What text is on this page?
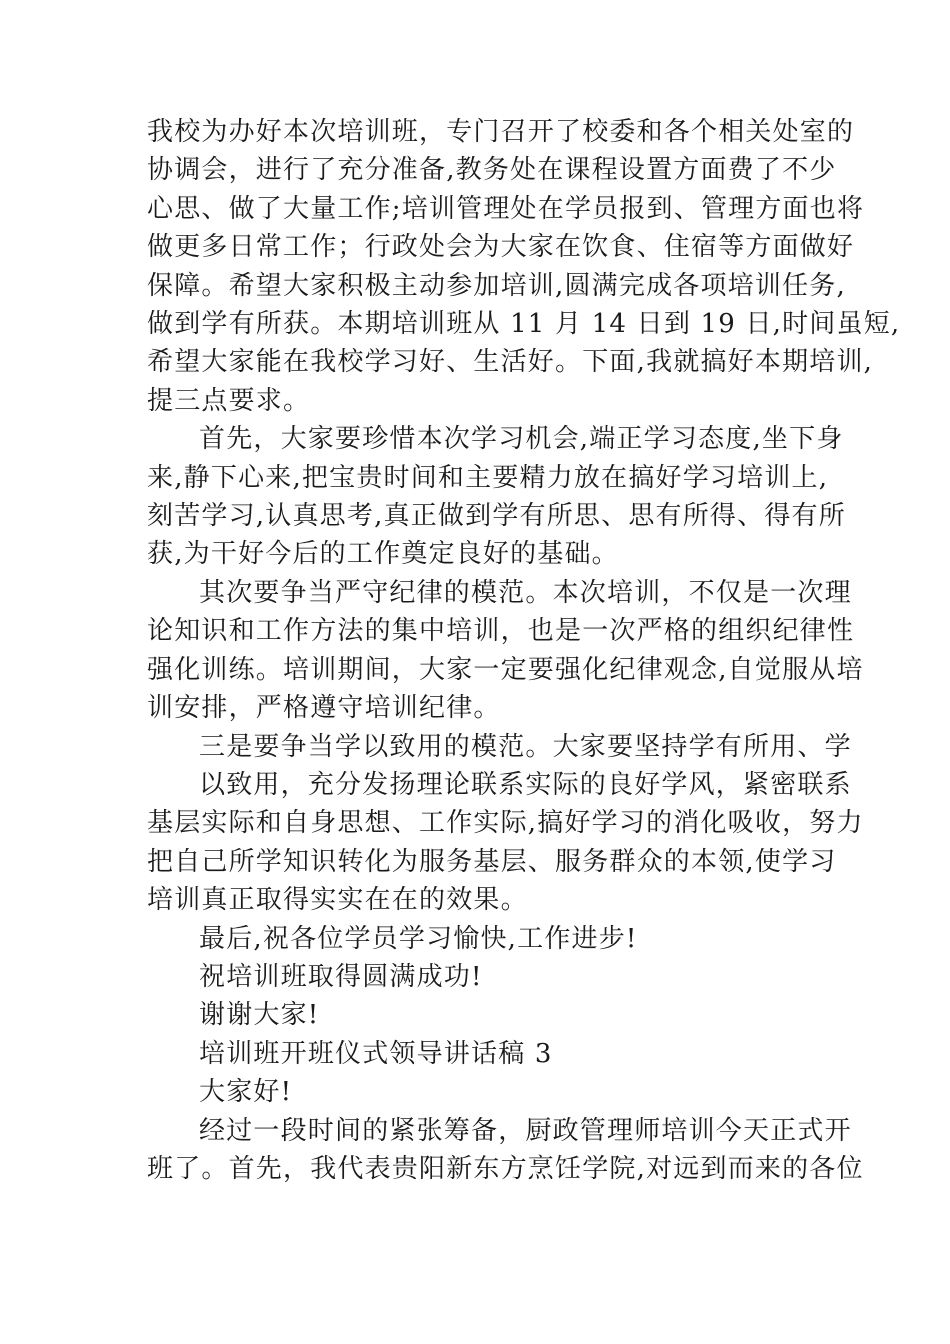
我校为办好本次培训班，专门召开了校委和各个相关处室的
协调会，进行了充分准备,教务处在课程设置方面费了不少
心思、做了大量工作;培训管理处在学员报到、管理方面也将
做更多日常工作；行政处会为大家在饮食、住宿等方面做好
保障。希望大家积极主动参加培训,圆满完成各项培训任务,
做到学有所获。本期培训班从 11 月 14 日到 19 日,时间虽短,
希望大家能在我校学习好、生活好。下面,我就搞好本期培训,
提三点要求。
首先，大家要珍惜本次学习机会,端正学习态度,坐下身
来,静下心来,把宝贵时间和主要精力放在搞好学习培训上,
刻苦学习,认真思考,真正做到学有所思、思有所得、得有所
获,为干好今后的工作奠定良好的基础。
其次要争当严守纪律的模范。本次培训，不仅是一次理
论知识和工作方法的集中培训，也是一次严格的组织纪律性
强化训练。培训期间，大家一定要强化纪律观念,自觉服从培
训安排，严格遵守培训纪律。
三是要争当学以致用的模范。大家要坚持学有所用、学
以致用，充分发扬理论联系实际的良好学风，紧密联系
基层实际和自身思想、工作实际,搞好学习的消化吸收，努力
把自己所学知识转化为服务基层、服务群众的本领,使学习
培训真正取得实实在在的效果。
最后,祝各位学员学习愉快,工作进步!
祝培训班取得圆满成功!
谢谢大家!
培训班开班仪式领导讲话稿 3
大家好!
经过一段时间的紧张筹备，厨政管理师培训今天正式开
班了。首先，我代表贵阳新东方烹饪学院,对远到而来的各位
